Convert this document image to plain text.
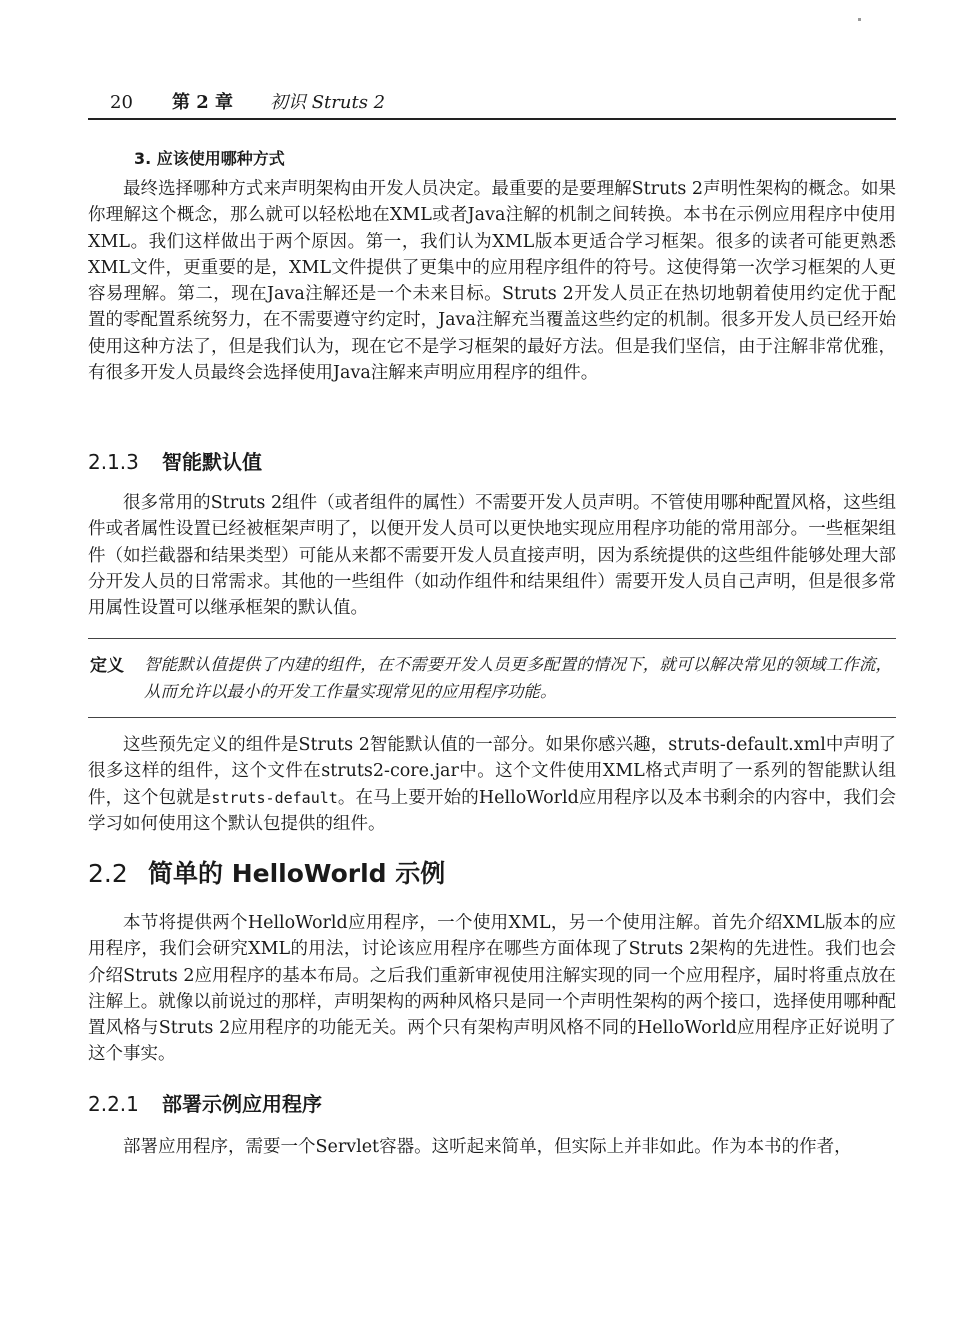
20 第 2 章 初识 Struts 2
3. 应该使用哪种方式

最终选择哪种方式来声明架构由开发人员决定。最重要的是要理解Struts 2声明性架构的概念。如果你理解这个概念，那么就可以轻松地在XML或者Java注解的机制之间转换。本书在示例应用程序中使用XML。我们这样做出于两个原因。第一，我们认为XML版本更适合学习框架。很多的读者可能更熟悉XML文件，更重要的是，XML文件提供了更集中的应用程序组件的符号。这使得第一次学习框架的人更容易理解。第二，现在Java注解还是一个未来目标。Struts 2开发人员正在热切地朝着使用约定优于配置的零配置系统努力，在不需要遵守约定时，Java注解充当覆盖这些约定的机制。很多开发人员已经开始使用这种方法了，但是我们认为，现在它不是学习框架的最好方法。但是我们坚信，由于注解非常优雅，有很多开发人员最终会选择使用Java注解来声明应用程序的组件。

2.1.3 智能默认值

很多常用的Struts 2组件（或者组件的属性）不需要开发人员声明。不管使用哪种配置风格，这些组件或者属性设置已经被框架声明了，以便开发人员可以更快地实现应用程序功能的常用部分。一些框架组件（如拦截器和结果类型）可能从来都不需要开发人员直接声明，因为系统提供的这些组件能够处理大部分开发人员的日常需求。其他的一些组件（如动作组件和结果组件）需要开发人员自己声明，但是很多常用属性设置可以继承框架的默认值。

定义 智能默认值提供了内建的组件，在不需要开发人员更多配置的情况下，就可以解决常见的领域工作流，从而允许以最小的开发工作量实现常见的应用程序功能。

这些预先定义的组件是Struts 2智能默认值的一部分。如果你感兴趣，struts-default.xml中声明了很多这样的组件，这个文件在struts2-core.jar中。这个文件使用XML格式声明了一系列的智能默认组件，这个包就是struts-default。在马上要开始的HelloWorld应用程序以及本书剩余的内容中，我们会学习如何使用这个默认包提供的组件。

2.2 简单的 HelloWorld 示例

本节将提供两个HelloWorld应用程序，一个使用XML，另一个使用注解。首先介绍XML版本的应用程序，我们会研究XML的用法，讨论该应用程序在哪些方面体现了Struts 2架构的先进性。我们也会介绍Struts 2应用程序的基本布局。之后我们重新审视使用注解实现的同一个应用程序，届时将重点放在注解上。就像以前说过的那样，声明架构的两种风格只是同一个声明性架构的两个接口，选择使用哪种配置风格与Struts 2应用程序的功能无关。两个只有架构声明风格不同的HelloWorld应用程序正好说明了这个事实。

2.2.1 部署示例应用程序

部署应用程序，需要一个Servlet容器。这听起来简单，但实际上并非如此。作为本书的作者，
